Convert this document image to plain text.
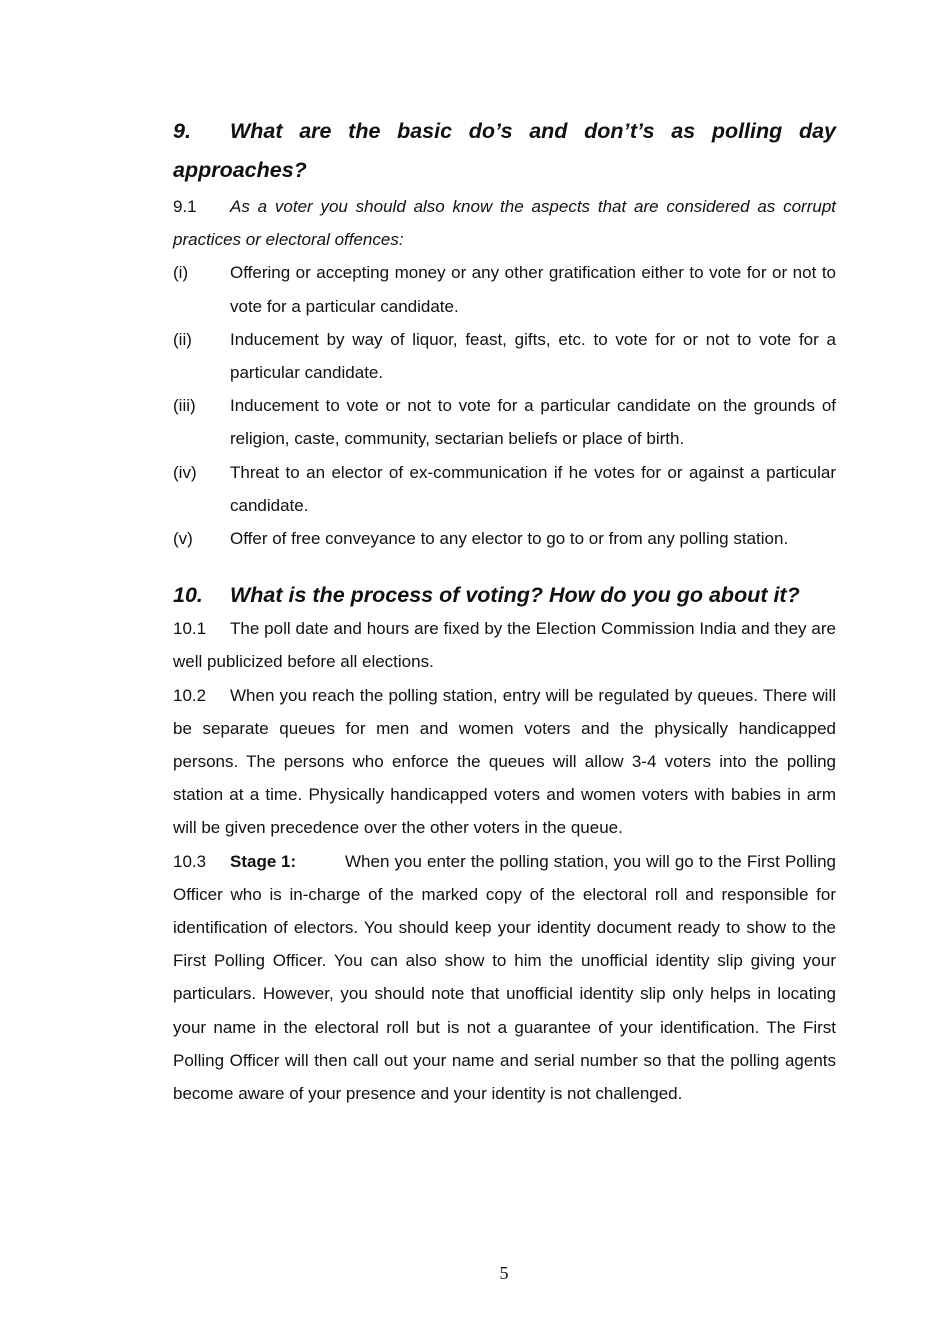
9. What are the basic do’s and don’t’s as polling day approaches?

9.1 As a voter you should also know the aspects that are considered as corrupt practices or electoral offences:

(i)	Offering or accepting money or any other gratification either to vote for or not to vote for a particular candidate.
(ii)	Inducement by way of liquor, feast, gifts, etc. to vote for or not to vote for a particular candidate.
(iii)	Inducement to vote or not to vote for a particular candidate on the grounds of religion, caste, community, sectarian beliefs or place of birth.
(iv)	Threat to an elector of ex-communication if he votes for or against a particular candidate.
(v)	Offer of free conveyance to any elector to go to or from any polling station.

10. What is the process of voting? How do you go about it?

10.1 The poll date and hours are fixed by the Election Commission India and they are well publicized before all elections.

10.2 When you reach the polling station, entry will be regulated by queues. There will be separate queues for men and women voters and the physically handicapped persons. The persons who enforce the queues will allow 3-4 voters into the polling station at a time. Physically handicapped voters and women voters with babies in arm will be given precedence over the other voters in the queue.

10.3 Stage 1:	When you enter the polling station, you will go to the First Polling Officer who is in-charge of the marked copy of the electoral roll and responsible for identification of electors. You should keep your identity document ready to show to the First Polling Officer. You can also show to him the unofficial identity slip giving your particulars. However, you should note that unofficial identity slip only helps in locating your name in the electoral roll but is not a guarantee of your identification. The First Polling Officer will then call out your name and serial number so that the polling agents become aware of your presence and your identity is not challenged.

5
